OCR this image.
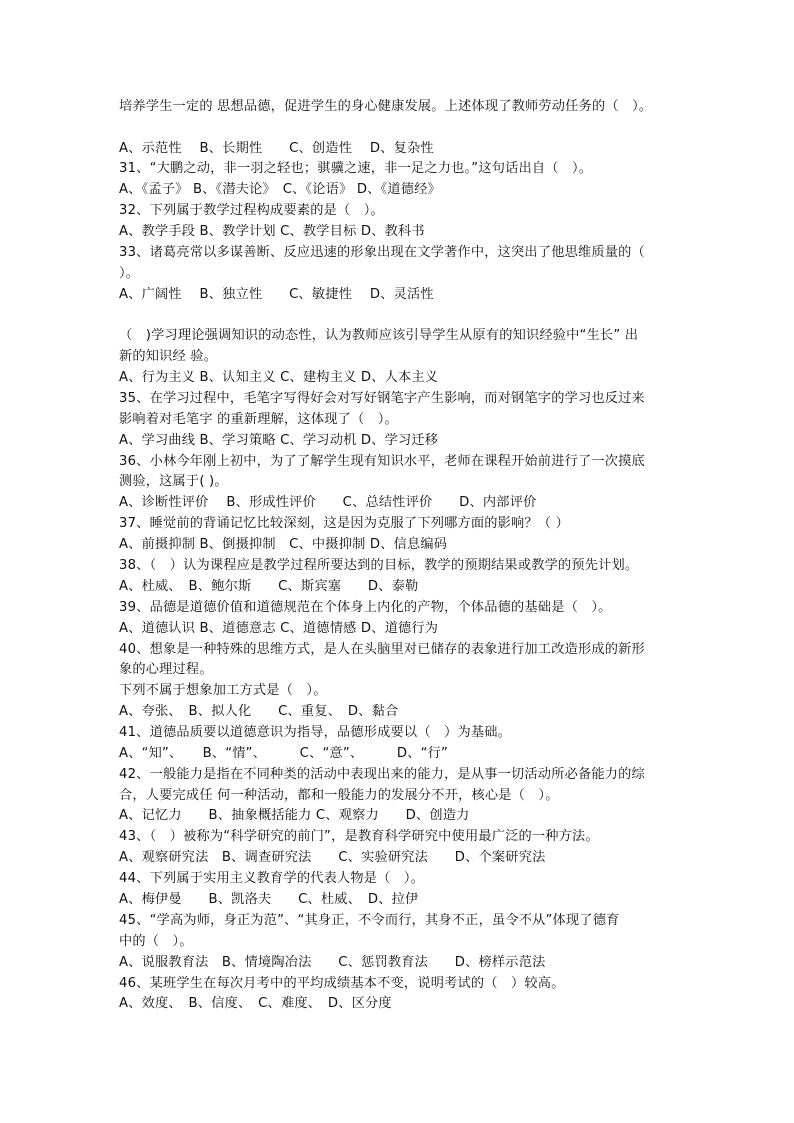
培养学生一定的 思想品德，促进学生的身心健康发展。上述体现了教师劳动任务的（　）。
A、示范性　 B、长期性　　C、创造性　 D、复杂性
31、“大鹏之动，非一羽之轻也；骐骥之速，非一足之力也。”这句话出自（　）。
A、《孟子》 B、《潜夫论》　C、《论语》 D、《道德经》
32、下列属于教学过程构成要素的是（　）。
A、教学手段 B、教学计划 C、教学目标 D、教科书
33、诸葛亮常以多谋善断、反应迅速的形象出现在文学著作中，这突出了他思维质量的（
）。
A、广阔性　 B、独立性　　C、敏捷性　 D、灵活性
（　)学习理论强调知识的动态性，认为教师应该引导学生从原有的知识经验中“生长” 出
新的知识经 验。
A、行为主义 B、认知主义 C、建构主义 D、人本主义
35、在学习过程中，毛笔字写得好会对写好钢笔字产生影响，而对钢笔字的学习也反过来
影响着对毛笔字 的重新理解，这体现了（　）。
A、学习曲线 B、学习策略 C、学习动机 D、学习迁移
36、小林今年刚上初中，为了了解学生现有知识水平，老师在课程开始前进行了一次摸底
测验，这属于( )。
A、诊断性评价　 B、形成性评价　　C、总结性评价　　D、内部评价
37、睡觉前的背诵记忆比较深刻，这是因为克服了下列哪方面的影响？（ ）
A、前摄抑制 B、倒摄抑制　C、中摄抑制 D、信息编码
38、（　）认为课程应是教学过程所要达到的目标，教学的预期结果或教学的预先计划。
A、杜威、　B、鲍尔斯　　C、斯宾塞　　D、泰勒
39、品德是道德价值和道德规范在个体身上内化的产物，个体品德的基础是（　）。
A、道德认识 B、道德意志 C、道德情感 D、道德行为
40、想象是一种特殊的思维方式，是人在头脑里对已储存的表象进行加工改造形成的新形
象的心理过程。
下列不属于想象加工方式是（　）。
A、夸张、　B、拟人化　　C、重复、　D、黏合
41、道德品质要以道德意识为指导，品德形成要以（　）为基础。
A、“知”、　　B、“情”、　　　C、“意”、　　　D、“行”
42、一般能力是指在不同种类的活动中表现出来的能力，是从事一切活动所必备能力的综
合，人要完成任 何一种活动，都和一般能力的发展分不开，核心是（　）。
A、记忆力　　B、抽象概括能力 C、观察力　　D、创造力
43、（　）被称为“科学研究的前门”，是教育科学研究中使用最广泛的一种方法。
A、观察研究法　B、调查研究法　　C、实验研究法　　D、个案研究法
44、下列属于实用主义教育学的代表人物是（　）。
A、梅伊曼　　B、凯洛夫　　C、杜威、　D、拉伊
45、“学高为师，身正为范”、“其身正，不令而行，其身不正，虽令不从”体现了德育
中的（　）。
A、说服教育法　B、情境陶冶法　　C、惩罚教育法　　D、榜样示范法
46、某班学生在每次月考中的平均成绩基本不变，说明考试的（　）较高。
A、效度、　B、信度、　C、难度、　D、区分度
